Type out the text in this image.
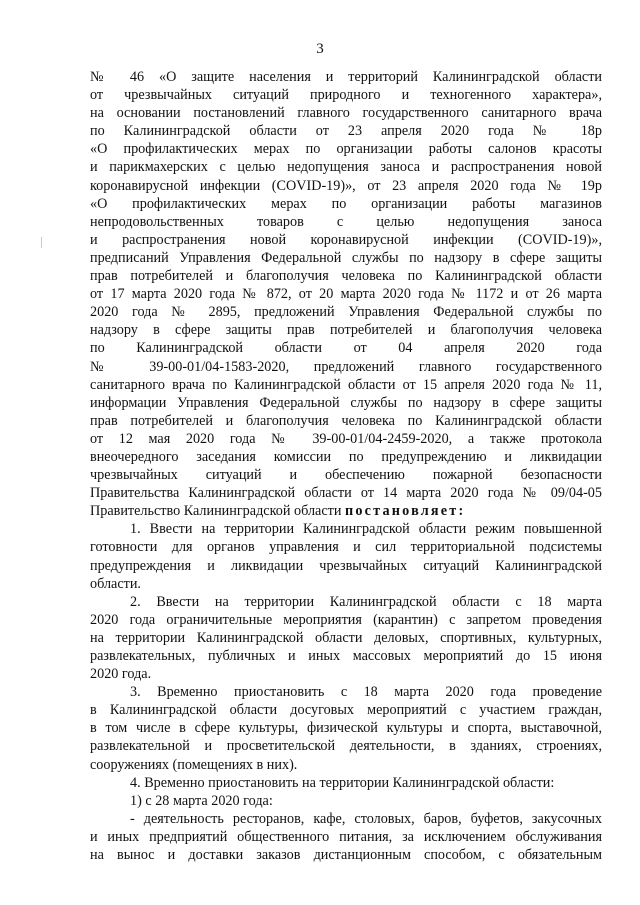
3
№ 46 «О защите населения и территорий Калининградской области
от чрезвычайных ситуаций природного и техногенного характера»,
на основании постановлений главного государственного санитарного врача
по Калининградской области от 23 апреля 2020 года № 18р
«О профилактических мерах по организации работы салонов красоты
и парикмахерских с целью недопущения заноса и распространения новой
коронавирусной инфекции (COVID-19)», от 23 апреля 2020 года № 19р
«О профилактических мерах по организации работы магазинов
непродовольственных товаров с целью недопущения заноса
и распространения новой коронавирусной инфекции (COVID-19)»,
предписаний Управления Федеральной службы по надзору в сфере защиты
прав потребителей и благополучия человека по Калининградской области
от 17 марта 2020 года № 872, от 20 марта 2020 года № 1172 и от 26 марта
2020 года № 2895, предложений Управления Федеральной службы по
надзору в сфере защиты прав потребителей и благополучия человека
по Калининградской области от 04 апреля 2020 года
№ 39-00-01/04-1583-2020, предложений главного государственного
санитарного врача по Калининградской области от 15 апреля 2020 года № 11,
информации Управления Федеральной службы по надзору в сфере защиты
прав потребителей и благополучия человека по Калининградской области
от 12 мая 2020 года № 39-00-01/04-2459-2020, а также протокола
внеочередного заседания комиссии по предупреждению и ликвидации
чрезвычайных ситуаций и обеспечению пожарной безопасности
Правительства Калининградской области от 14 марта 2020 года № 09/04-05
Правительство Калининградской области постановляет:
1. Ввести на территории Калининградской области режим повышенной
готовности для органов управления и сил территориальной подсистемы
предупреждения и ликвидации чрезвычайных ситуаций Калининградской
области.
2. Ввести на территории Калининградской области с 18 марта
2020 года ограничительные мероприятия (карантин) с запретом проведения
на территории Калининградской области деловых, спортивных, культурных,
развлекательных, публичных и иных массовых мероприятий до 15 июня
2020 года.
3. Временно приостановить с 18 марта 2020 года проведение
в Калининградской области досуговых мероприятий с участием граждан,
в том числе в сфере культуры, физической культуры и спорта, выставочной,
развлекательной и просветительской деятельности, в зданиях, строениях,
сооружениях (помещениях в них).
4. Временно приостановить на территории Калининградской области:
1) с 28 марта 2020 года:
- деятельность ресторанов, кафе, столовых, баров, буфетов, закусочных
и иных предприятий общественного питания, за исключением обслуживания
на вынос и доставки заказов дистанционным способом, с обязательным
